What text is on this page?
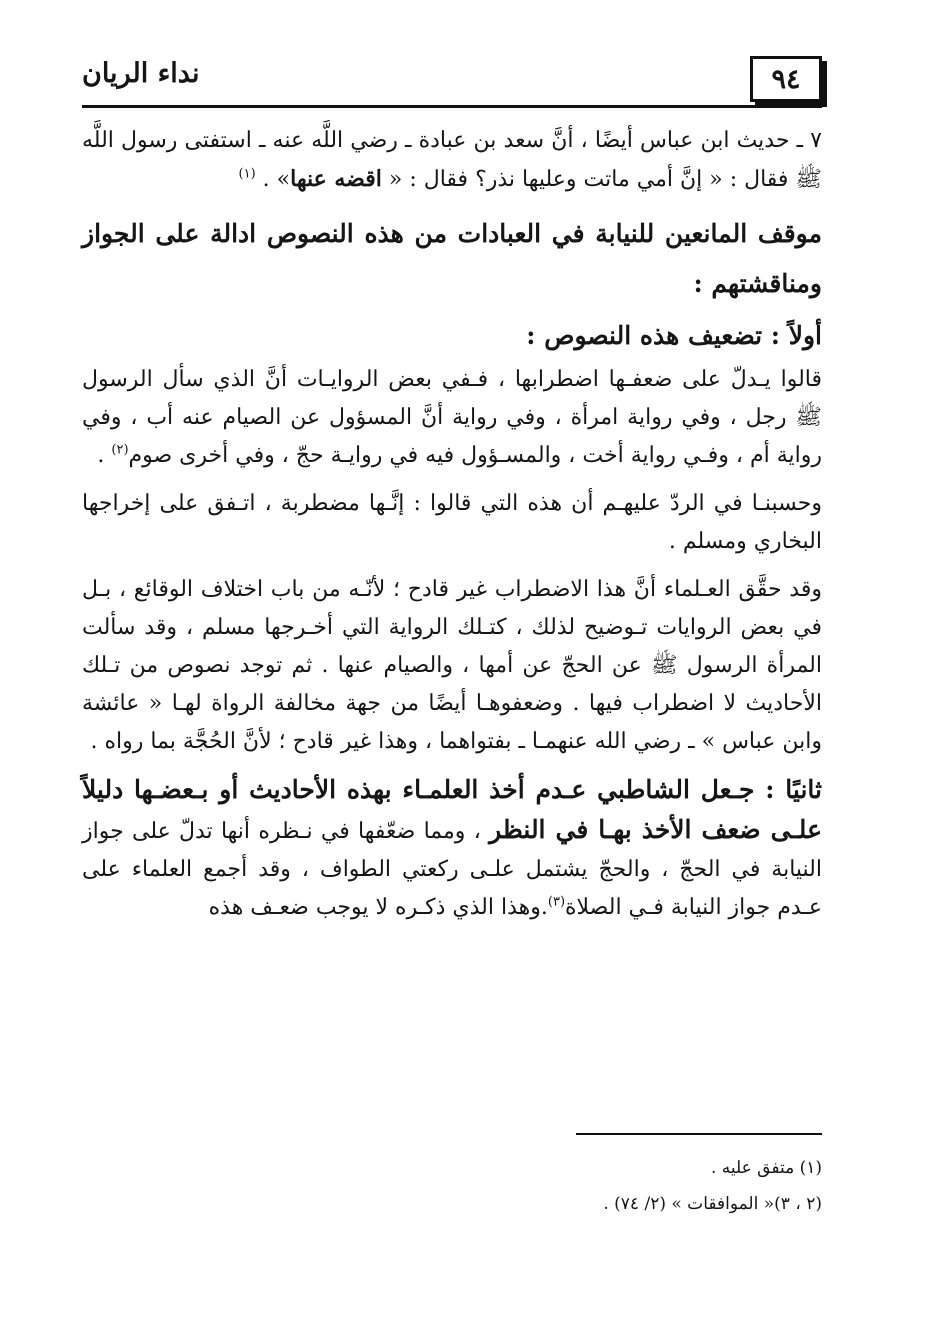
٩٤
نداء الريان

٧ ـ حديث ابن عباس أيضًا ، أنَّ سعد بن عبادة ـ رضي اللَّه عنه ـ استفتى رسول اللَّه ﷺ فقال : « إنَّ أمي ماتت وعليها نذر؟ فقال : « اقضه عنها» . $^{(١)}$

موقف المانعين للنيابة في العبادات من هذه النصوص ادالة على الجواز ومناقشتهم :
أولاً : تضعيف هذه النصوص :

قالوا يـدلّ على ضعفـها اضطرابها ، فـفي بعض الروايـات أنَّ الذي سأل الرسول ﷺ رجل ، وفي رواية امرأة ، وفي رواية أنَّ المسؤول عن الصيام عنه أب ، وفي رواية أم ، وفـي رواية أخت ، والمسـؤول فيه في روايـة حجّ ، وفي أخرى صوم$^{(٢)}$ .

وحسبنـا في الردّ عليهـم أن هذه التي قالوا : إنَّـها مضطربة ، اتـفق على إخراجها البخاري ومسلم .

وقد حقَّق العـلماء أنَّ هذا الاضطراب غير قادح ؛ لأنّـه من باب اختلاف الوقائع ، بـل في بعض الروايات تـوضيح لذلك ، كتـلك الرواية التي أخـرجها مسلم ، وقد سألت المرأة الرسول ﷺ عن الحجّ عن أمها ، والصيام عنها . ثم توجد نصوص من تـلك الأحاديث لا اضطراب فيها . وضعفوهـا أيضًا من جهة مخالفة الرواة لهـا « عائشة وابن عباس » ـ رضي الله عنهمـا ـ بفتواهما ، وهذا غير قادح ؛ لأنَّ الحُجَّة بما رواه .

ثانيًا : جـعل الشاطبي عـدم أخذ العلمـاء بهذه الأحاديث أو بـعضـها دليلاً علـى ضعف الأخذ بهـا في النظر ، ومما ضعّفها في نـظره أنها تدلّ على جواز النيابة في الحجّ ، والحجّ يشتمل علـى ركعتي الطواف ، وقد أجمع العلماء على عـدم جواز النيابة فـي الصلاة$^{(٣)}$.وهذا الذي ذكـره لا يوجب ضعـف هذه

(١) متفق عليه .

(٢ ، ٣)« الموافقات » (٢/ ٧٤) .
